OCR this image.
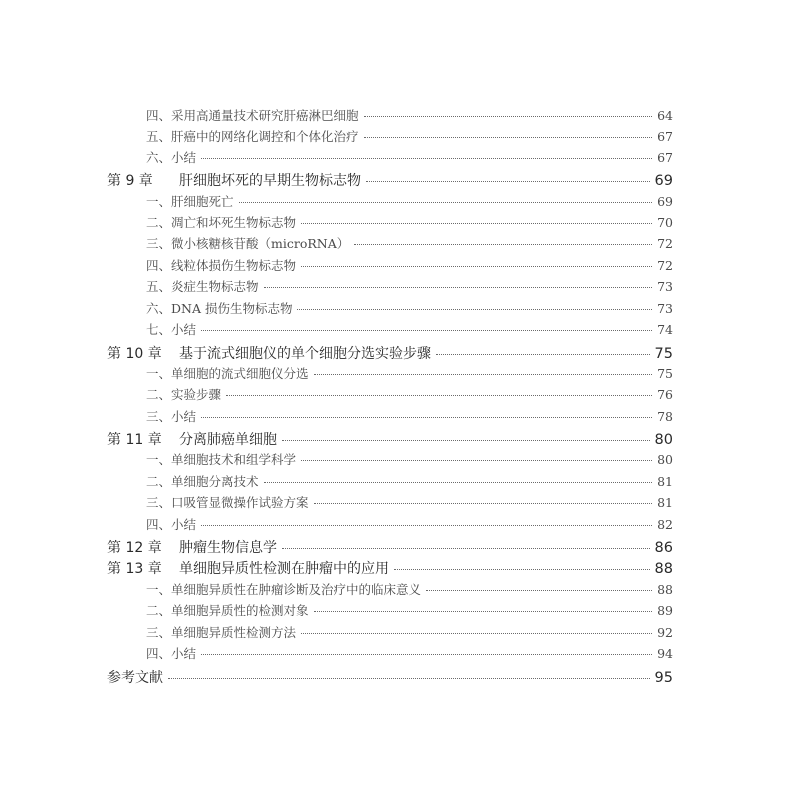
四、采用高通量技术研究肝癌淋巴细胞	64
五、肝癌中的网络化调控和个体化治疗	67
六、小结	67
第 9 章	肝细胞坏死的早期生物标志物	69
一、肝细胞死亡	69
二、凋亡和坏死生物标志物	70
三、微小核糖核苷酸（microRNA）	72
四、线粒体损伤生物标志物	72
五、炎症生物标志物	73
六、DNA 损伤生物标志物	73
七、小结	74
第 10 章	基于流式细胞仪的单个细胞分选实验步骤	75
一、单细胞的流式细胞仪分选	75
二、实验步骤	76
三、小结	78
第 11 章	分离肺癌单细胞	80
一、单细胞技术和组学科学	80
二、单细胞分离技术	81
三、口吸管显微操作试验方案	81
四、小结	82
第 12 章	肿瘤生物信息学	86
第 13 章	单细胞异质性检测在肿瘤中的应用	88
一、单细胞异质性在肿瘤诊断及治疗中的临床意义	88
二、单细胞异质性的检测对象	89
三、单细胞异质性检测方法	92
四、小结	94
参考文献	95
